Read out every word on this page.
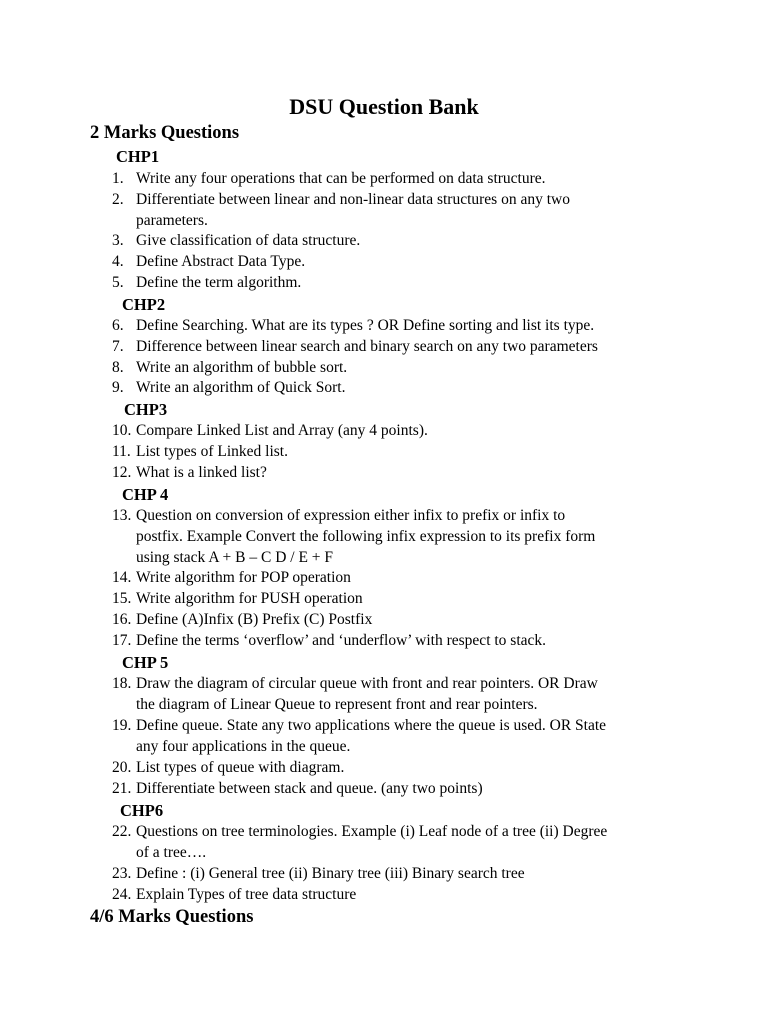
DSU Question Bank
2 Marks Questions
CHP1
1. Write any four operations that can be performed on data structure.
2. Differentiate between linear and non-linear data structures on any two
parameters.
3. Give classification of data structure.
4. Define Abstract Data Type.
5. Define the term algorithm.
CHP2
6. Define Searching. What are its types ? OR Define sorting and list its type.
7. Difference between linear search and binary search on any two parameters
8. Write an algorithm of bubble sort.
9. Write an algorithm of Quick Sort.
CHP3
10. Compare Linked List and Array (any 4 points).
11. List types of Linked list.
12. What is a linked list?
CHP 4
13. Question on conversion of expression either infix to prefix or infix to
postfix. Example Convert the following infix expression to its prefix form
using stack A + B – C D / E + F
14. Write algorithm for POP operation
15. Write algorithm for PUSH operation
16. Define (A)Infix (B) Prefix (C) Postfix
17. Define the terms ‘overflow’ and ‘underflow’ with respect to stack.
CHP 5
18. Draw the diagram of circular queue with front and rear pointers. OR Draw
the diagram of Linear Queue to represent front and rear pointers.
19. Define queue. State any two applications where the queue is used. OR State
any four applications in the queue.
20. List types of queue with diagram.
21. Differentiate between stack and queue. (any two points)
CHP6
22. Questions on tree terminologies. Example (i) Leaf node of a tree (ii) Degree
of a tree….
23. Define : (i) General tree (ii) Binary tree (iii) Binary search tree
24. Explain Types of tree data structure
4/6 Marks Questions
